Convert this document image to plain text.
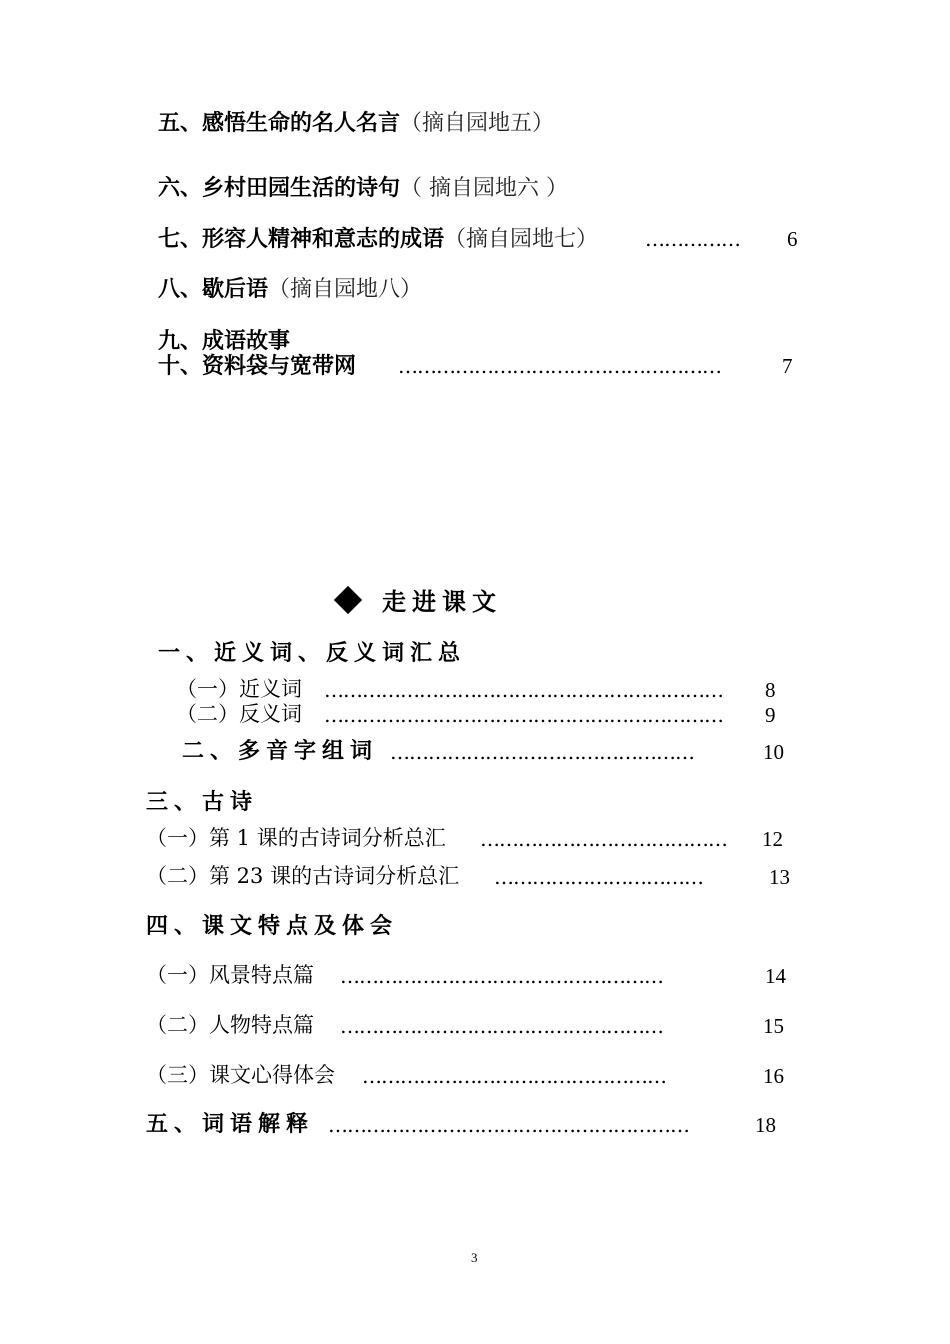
五、感悟生命的名人名言（摘自园地五）
六、乡村田园生活的诗句（ 摘自园地六 ）
七、形容人精神和意志的成语（摘自园地七） ……………	6
八、歇后语（摘自园地八）
九、成语故事
十、资料袋与宽带网 ……………………………………………	7
走进课文
一、近义词、反义词汇总
（一）近义词 ………………………………………………………	8
（二）反义词 ………………………………………………………	9
二、多音字组词 …………………………………………	10
三、古诗
（一）第 1 课的古诗词分析总汇 …………………………………	12
（二）第 23 课的古诗词分析总汇 ……………………………	13
四、课文特点及体会
（一）风景特点篇 ……………………………………………	14
（二）人物特点篇 ……………………………………………	15
（三）课文心得体会 …………………………………………	16
五、词语解释 …………………………………………………	18
3
